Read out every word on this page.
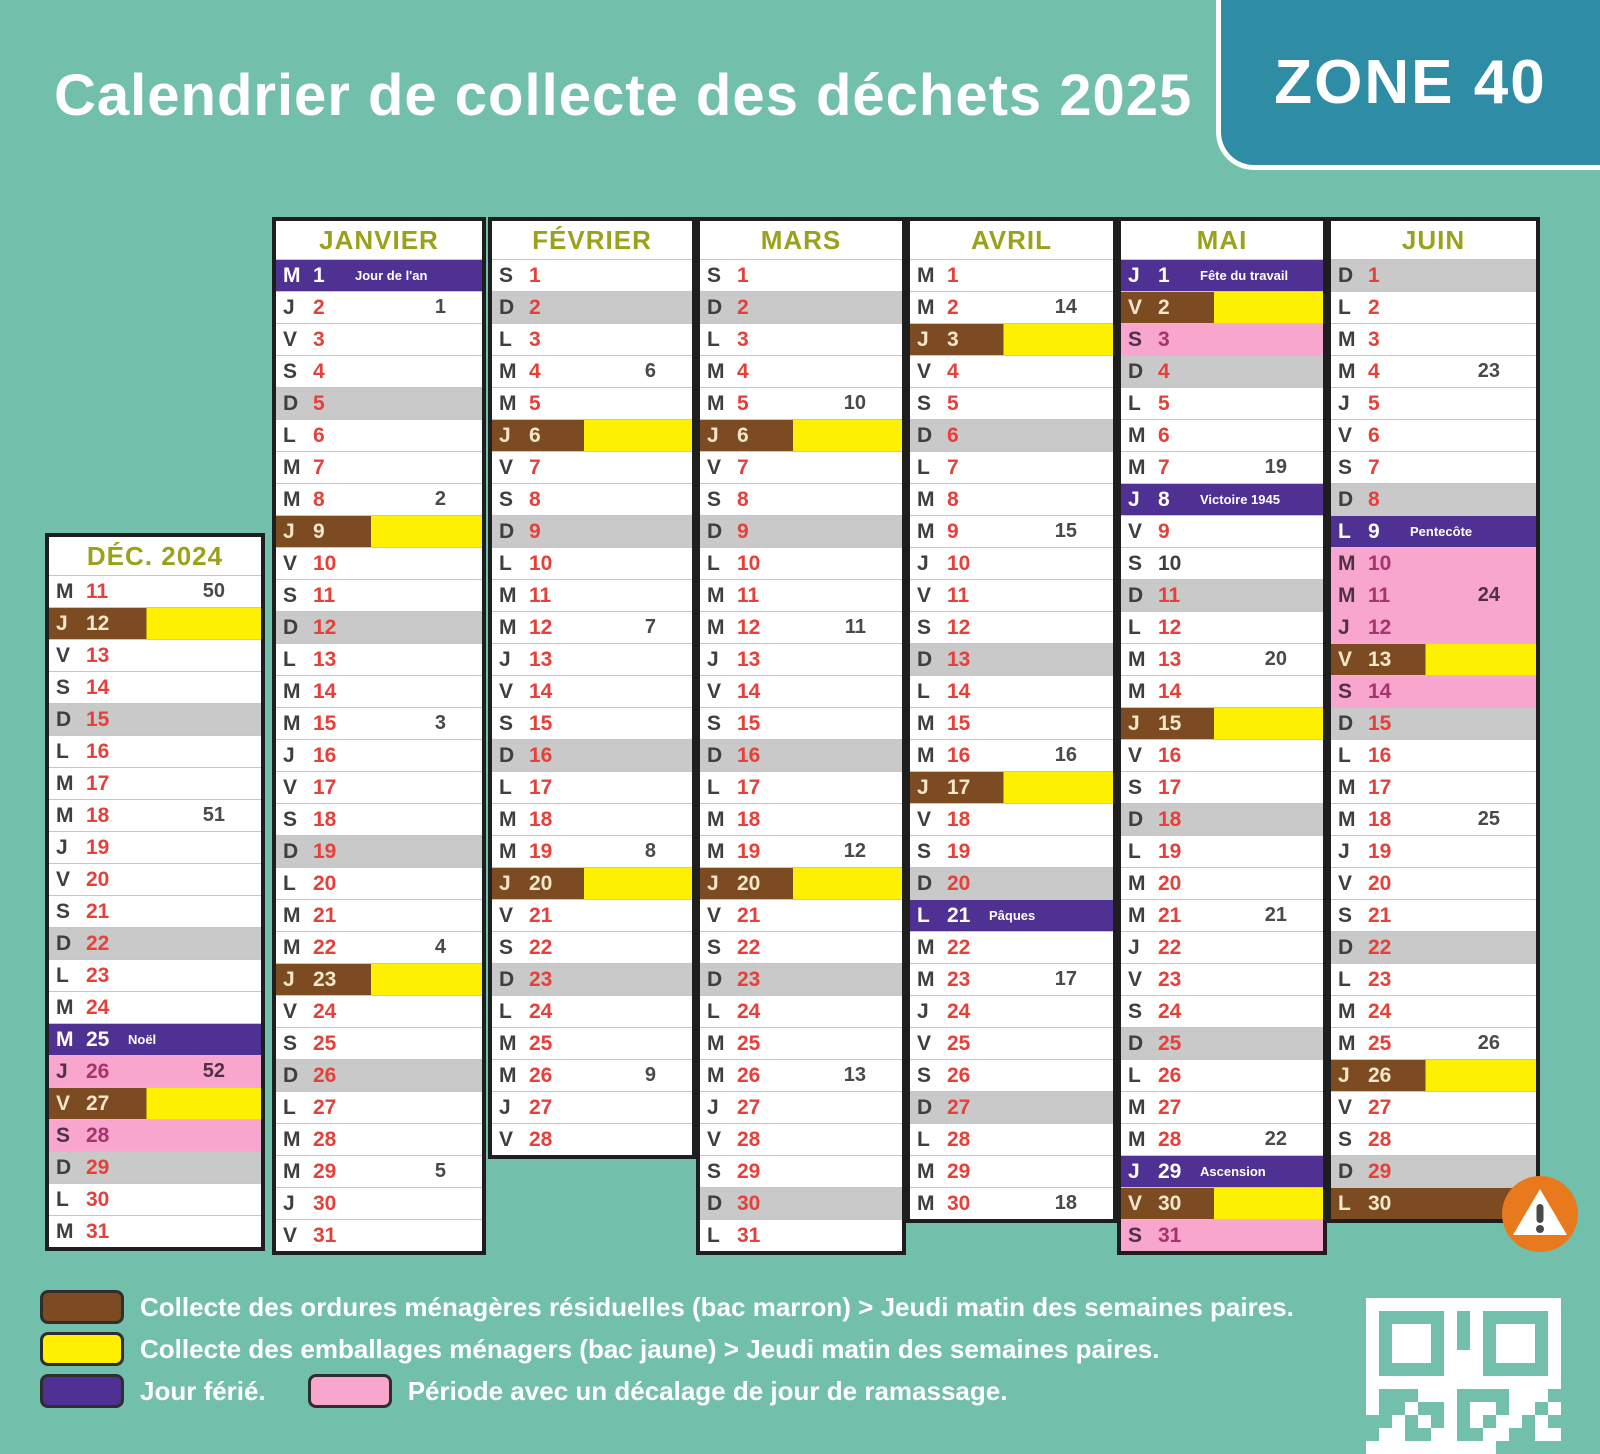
Calendrier de collecte des déchets 2025 ZONE 40
DÉC. 2024
M 11	50
J 12
V 13
S 14
D 15
L 16
M 17
M 18	51
J 19
V 20
S 21
D 22
L 23
M 24
M 25	Noël
J 26	52
V 27
S 28
D 29
L 30
M 31
JANVIER
M 1	Jour de l'an
J 2	1
V 3
S 4
D 5
L 6
M 7
M 8	2
J 9
V 10
S 11
D 12
L 13
M 14
M 15	3
J 16
V 17
S 18
D 19
L 20
M 21
M 22	4
J 23
V 24
S 25
D 26
L 27
M 28
M 29	5
J 30
V 31
FÉVRIER
S 1
D 2
L 3
M 4	6
M 5
J 6
V 7
S 8
D 9
L 10
M 11
M 12	7
J 13
V 14
S 15
D 16
L 17
M 18
M 19	8
J 20
V 21
S 22
D 23
L 24
M 25
M 26	9
J 27
V 28
MARS
S 1
D 2
L 3
M 4
M 5	10
J 6
V 7
S 8
D 9
L 10
M 11
M 12	11
J 13
V 14
S 15
D 16
L 17
M 18
M 19	12
J 20
V 21
S 22
D 23
L 24
M 25
M 26	13
J 27
V 28
S 29
D 30
L 31
AVRIL
M 1
M 2	14
J 3
V 4
S 5
D 6
L 7
M 8
M 9	15
J 10
V 11
S 12
D 13
L 14
M 15
M 16	16
J 17
V 18
S 19
D 20
L 21	Pâques
M 22
M 23	17
J 24
V 25
S 26
D 27
L 28
M 29
M 30	18
MAI
J 1	Fête du travail
V 2
S 3
D 4
L 5
M 6
M 7	19
J 8	Victoire 1945
V 9
S 10
D 11
L 12
M 13	20
M 14
J 15
V 16
S 17
D 18
L 19
M 20
M 21	21
J 22
V 23
S 24
D 25
L 26
M 27
M 28	22
J 29	Ascension
V 30
S 31
JUIN
D 1
L 2
M 3
M 4	23
J 5
V 6
S 7
D 8
L 9	Pentecôte
M 10
M 11	24
J 12
V 13
S 14
D 15
L 16
M 17
M 18	25
J 19
V 20
S 21
D 22
L 23
M 24
M 25	26
J 26
V 27
S 28
D 29
L 30
Collecte des ordures ménagères résiduelles (bac marron) > Jeudi matin des semaines paires.
Collecte des emballages ménagers (bac jaune) > Jeudi matin des semaines paires.
Jour férié.	Période avec un décalage de jour de ramassage.
